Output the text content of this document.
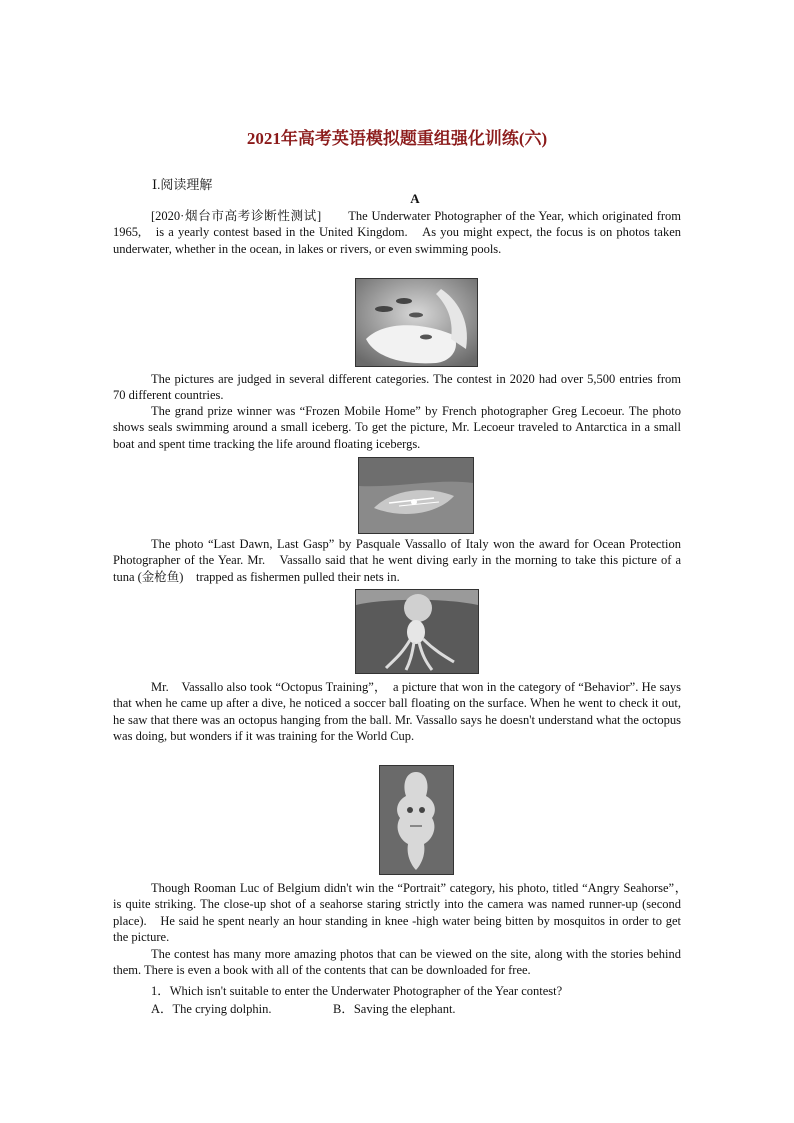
2021年高考英语模拟题重组强化训练(六)
Ⅰ.阅读理解
A

[2020·烟台市高考诊断性测试]　　The Underwater Photographer of the Year, which originated from 1965,　is a yearly contest based in the United Kingdom.　As you might expect, the focus is on photos taken underwater, whether in the ocean, in lakes or rivers, or even swimming pools.

The pictures are judged in several different categories. The contest in 2020 had over 5,500 entries from 70 different countries.

The grand prize winner was “Frozen Mobile Home” by French photographer Greg Lecoeur. The photo shows seals swimming around a small iceberg. To get the picture, Mr. Lecoeur traveled to Antarctica in a small boat and spent time tracking the life around floating icebergs.

The photo “Last Dawn, Last Gasp” by Pasquale Vassallo of Italy won the award for Ocean Protection Photographer of the Year. Mr.　Vassallo said that he went diving early in the morning to take this picture of a tuna (金枪鱼)　trapped as fishermen pulled their nets in.

Mr.　Vassallo also took “Octopus Training”，　a picture that won in the category of “Behavior”. He says that when he came up after a dive, he noticed a soccer ball floating on the surface. When he went to check it out, he saw that there was an octopus hanging from the ball. Mr. Vassallo says he doesn't understand what the octopus was doing, but wonders if it was training for the World Cup.

Though Rooman Luc of Belgium didn't win the “Portrait” category, his photo, titled “Angry Seahorse”，　is quite striking. The close-up shot of a seahorse staring strictly into the camera was named runner-up (second place).　He said he spent nearly an hour standing in knee -high water being bitten by mosquitos in order to get the picture.

The contest has many more amazing photos that can be viewed on the site, along with the stories behind them. There is even a book with all of the contents that can be downloaded for free.

1．Which isn't suitable to enter the Underwater Photographer of the Year contest?
A．The crying dolphin.	B．Saving the elephant.
